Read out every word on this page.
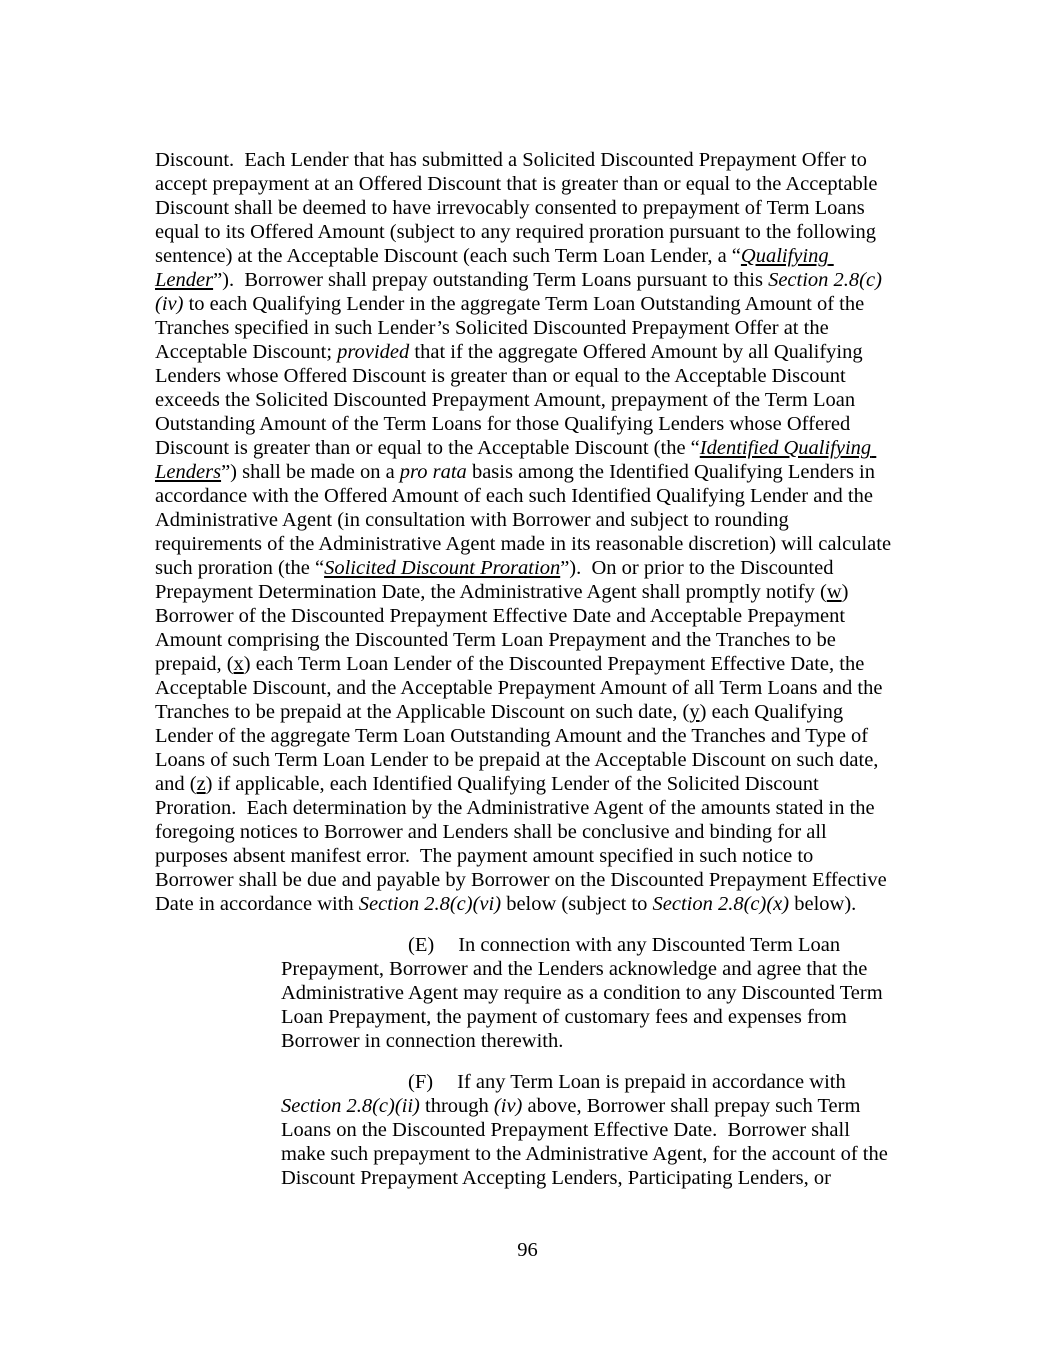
Discount.  Each Lender that has submitted a Solicited Discounted Prepayment Offer to accept prepayment at an Offered Discount that is greater than or equal to the Acceptable Discount shall be deemed to have irrevocably consented to prepayment of Term Loans equal to its Offered Amount (subject to any required proration pursuant to the following sentence) at the Acceptable Discount (each such Term Loan Lender, a “Qualifying Lender”).  Borrower shall prepay outstanding Term Loans pursuant to this Section 2.8(c)(iv) to each Qualifying Lender in the aggregate Term Loan Outstanding Amount of the Tranches specified in such Lender’s Solicited Discounted Prepayment Offer at the Acceptable Discount; provided that if the aggregate Offered Amount by all Qualifying Lenders whose Offered Discount is greater than or equal to the Acceptable Discount exceeds the Solicited Discounted Prepayment Amount, prepayment of the Term Loan Outstanding Amount of the Term Loans for those Qualifying Lenders whose Offered Discount is greater than or equal to the Acceptable Discount (the “Identified Qualifying Lenders”) shall be made on a pro rata basis among the Identified Qualifying Lenders in accordance with the Offered Amount of each such Identified Qualifying Lender and the Administrative Agent (in consultation with Borrower and subject to rounding requirements of the Administrative Agent made in its reasonable discretion) will calculate such proration (the “Solicited Discount Proration”).  On or prior to the Discounted Prepayment Determination Date, the Administrative Agent shall promptly notify (w) Borrower of the Discounted Prepayment Effective Date and Acceptable Prepayment Amount comprising the Discounted Term Loan Prepayment and the Tranches to be prepaid, (x) each Term Loan Lender of the Discounted Prepayment Effective Date, the Acceptable Discount, and the Acceptable Prepayment Amount of all Term Loans and the Tranches to be prepaid at the Applicable Discount on such date, (y) each Qualifying Lender of the aggregate Term Loan Outstanding Amount and the Tranches and Type of Loans of such Term Loan Lender to be prepaid at the Acceptable Discount on such date, and (z) if applicable, each Identified Qualifying Lender of the Solicited Discount Proration.  Each determination by the Administrative Agent of the amounts stated in the foregoing notices to Borrower and Lenders shall be conclusive and binding for all purposes absent manifest error.  The payment amount specified in such notice to Borrower shall be due and payable by Borrower on the Discounted Prepayment Effective Date in accordance with Section 2.8(c)(vi) below (subject to Section 2.8(c)(x) below).

(E) In connection with any Discounted Term Loan Prepayment, Borrower and the Lenders acknowledge and agree that the Administrative Agent may require as a condition to any Discounted Term Loan Prepayment, the payment of customary fees and expenses from Borrower in connection therewith.

(F) If any Term Loan is prepaid in accordance with Section 2.8(c)(ii) through (iv) above, Borrower shall prepay such Term Loans on the Discounted Prepayment Effective Date.  Borrower shall make such prepayment to the Administrative Agent, for the account of the Discount Prepayment Accepting Lenders, Participating Lenders, or

96
